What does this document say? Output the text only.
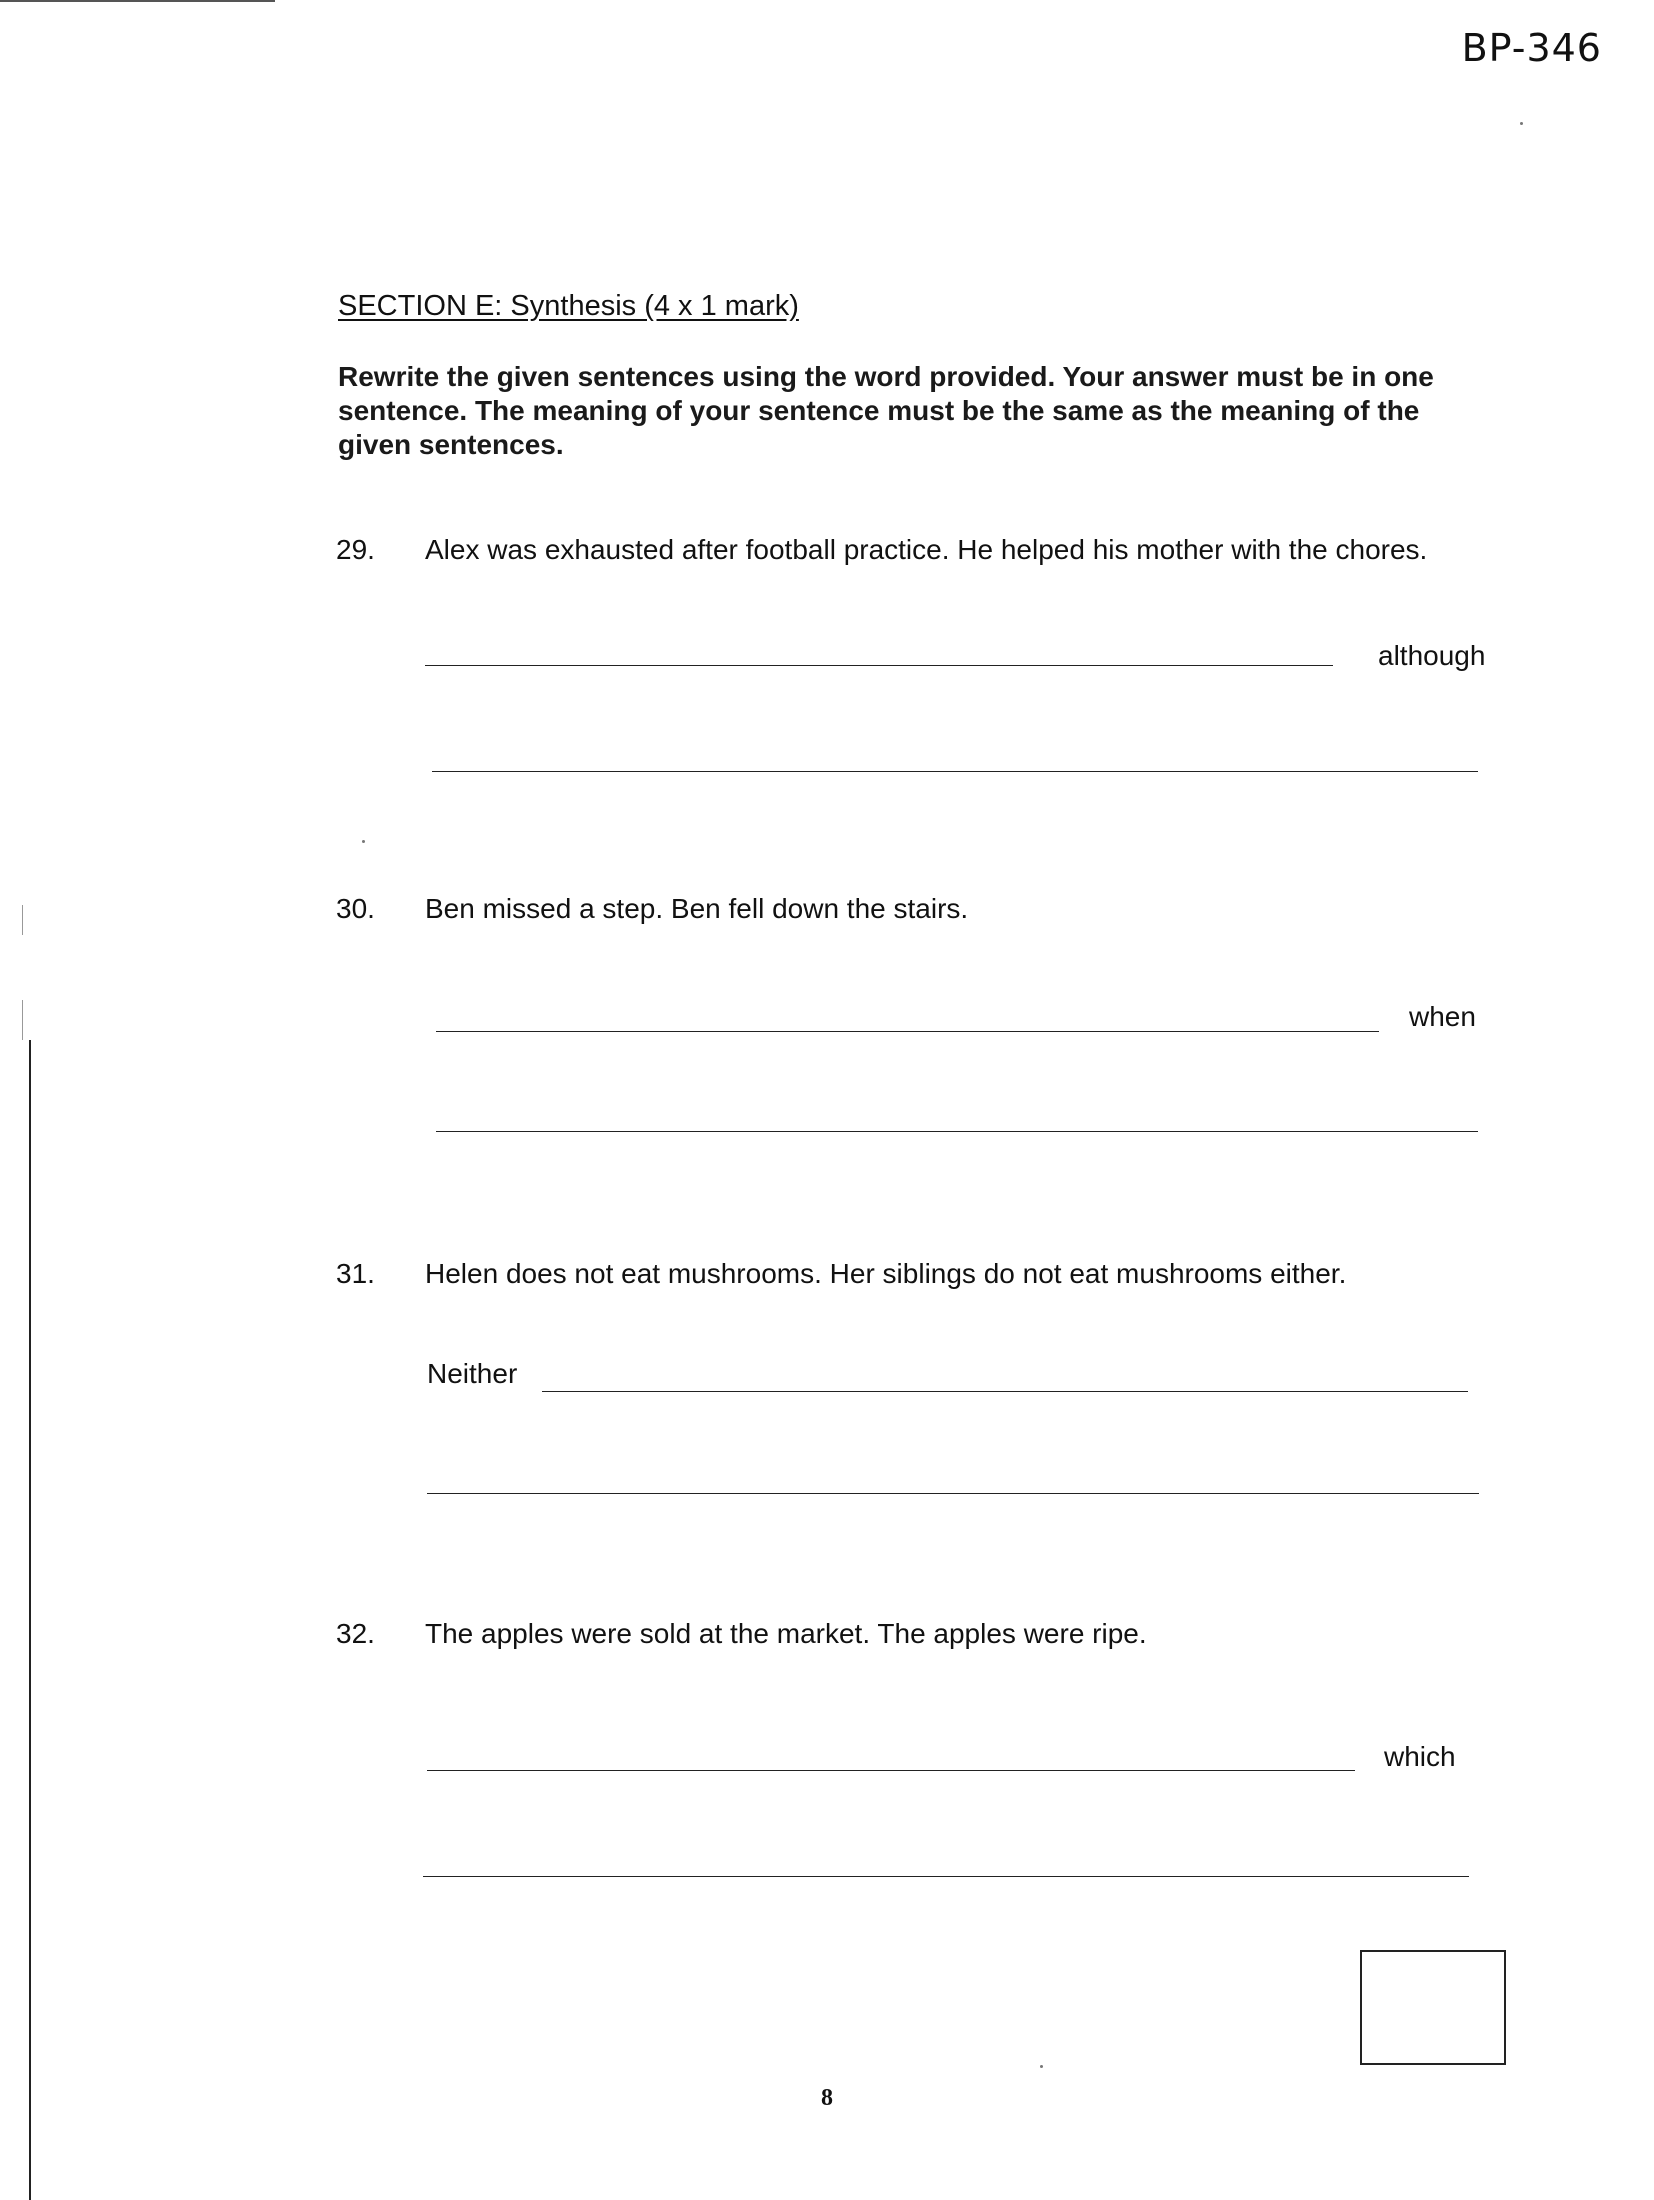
BP-346
SECTION E: Synthesis (4 x 1 mark)
Rewrite the given sentences using the word provided. Your answer must be in one sentence. The meaning of your sentence must be the same as the meaning of the given sentences.
29. Alex was exhausted after football practice. He helped his mother with the chores.
although
30. Ben missed a step. Ben fell down the stairs.
when
31. Helen does not eat mushrooms. Her siblings do not eat mushrooms either.
Neither
32. The apples were sold at the market. The apples were ripe.
which
8
